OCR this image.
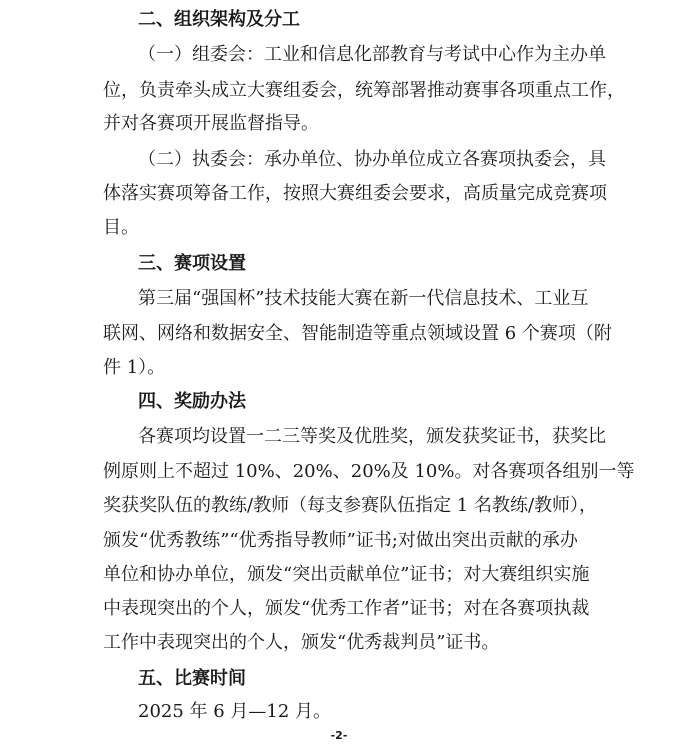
二、组织架构及分工
（一）组委会：工业和信息化部教育与考试中心作为主办单
位，负责牵头成立大赛组委会，统筹部署推动赛事各项重点工作，
并对各赛项开展监督指导。
（二）执委会：承办单位、协办单位成立各赛项执委会，具
体落实赛项筹备工作，按照大赛组委会要求，高质量完成竞赛项
目。
三、赛项设置
第三届“强国杯”技术技能大赛在新一代信息技术、工业互
联网、网络和数据安全、智能制造等重点领域设置 6 个赛项（附
件 1）。
四、奖励办法
各赛项均设置一二三等奖及优胜奖，颁发获奖证书，获奖比
例原则上不超过 10%、20%、20%及 10%。对各赛项各组别一等
奖获奖队伍的教练/教师（每支参赛队伍指定 1 名教练/教师），
颁发“优秀教练”“优秀指导教师”证书;对做出突出贡献的承办
单位和协办单位，颁发“突出贡献单位”证书；对大赛组织实施
中表现突出的个人，颁发“优秀工作者”证书；对在各赛项执裁
工作中表现突出的个人，颁发“优秀裁判员”证书。
五、比赛时间
2025 年 6 月—12 月。
-2-
